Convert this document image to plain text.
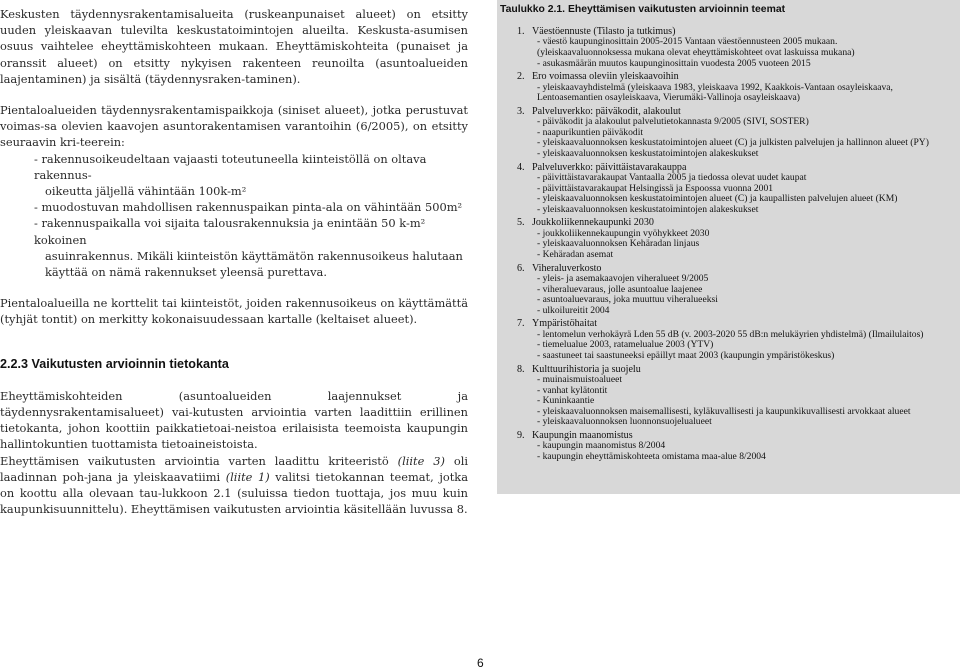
Keskusten täydennysrakentamisalueita (ruskeanpunaiset alueet) on etsitty uuden yleiskaavan tulevilta keskustatoimintojen alueilta. Keskusta-asumisen osuus vaihtelee eheyttämiskohteen mukaan. Eheyttämiskohteita (punaiset ja oranssit alueet) on etsitty nykyisen rakenteen reunoilta (asuntoalueiden laajentaminen) ja sisältä (täydennysraken-taminen).

Pientaloalueiden täydennysrakentamispaikkoja (siniset alueet), jotka perustuvat voimas-sa olevien kaavojen asuntorakentamisen varantoihin (6/2005), on etsitty seuraavin kri-teerein:

- rakennusoikeudeltaan vajaasti toteutuneella kiinteistöllä on oltava rakennus-
oikeutta jäljellä vähintään 100k-m²
- muodostuvan mahdollisen rakennuspaikan pinta-ala on vähintään 500m²
- rakennuspaikalla voi sijaita talousrakennuksia ja enintään 50 k-m² kokoinen
asuinrakennus. Mikäli kiinteistön käyttämätön rakennusoikeus halutaan
käyttää on nämä rakennukset yleensä purettava.

Pientaloalueilla ne korttelit tai kiinteistöt, joiden rakennusoikeus on käyttämättä (tyhjät tontit) on merkitty kokonaisuudessaan kartalle (keltaiset alueet).

2.2.3 Vaikutusten arvioinnin tietokanta

Eheyttämiskohteiden (asuntoalueiden laajennukset ja täydennysrakentamisalueet) vai-kutusten arviointia varten laadittiin erillinen tietokanta, johon koottiin paikkatietoai-neistoa erilaisista teemoista kaupungin hallintokuntien tuottamista tietoaineistoista.

Eheyttämisen vaikutusten arviointia varten laadittu kriteeristö (liite 3) oli laadinnan poh-jana ja yleiskaavatiimi (liite 1) valitsi tietokannan teemat, jotka on koottu alla olevaan tau-lukkoon 2.1 (suluissa tiedon tuottaja, jos muu kuin kaupunkisuunnittelu). Eheyttämisen vaikutusten arviointia käsitellään luvussa 8.

Taulukko 2.1. Eheyttämisen vaikutusten arvioinnin teemat
1. Väestöennuste (Tilasto ja tutkimus)
- väestö kaupunginosittain 2005-2015 Vantaan väestöennusteen 2005 mukaan.
(yleiskaavaluonnoksessa mukana olevat eheyttämiskohteet ovat laskuissa mukana)
- asukasmäärän muutos kaupunginosittain vuodesta 2005 vuoteen 2015
2. Ero voimassa oleviin yleiskaavoihin
- yleiskaavayhdistelmä (yleiskaava 1983, yleiskaava 1992, Kaakkois-Vantaan osayleiskaava,
Lentoasemantien osayleiskaava, Vierumäki-Vallinoja osayleiskaava)
3. Palveluverkko: päiväkodit, alakoulut
- päiväkodit ja alakoulut palvelutietokannasta 9/2005 (SIVI, SOSTER)
- naapurikuntien päiväkodit
- yleiskaavaluonnoksen keskustatoimintojen alueet (C) ja julkisten palvelujen ja hallinnon alueet (PY)
- yleiskaavaluonnoksen keskustatoimintojen alakeskukset
4. Palveluverkko: päivittäistavarakauppa
- päivittäistavarakaupat Vantaalla 2005 ja tiedossa olevat uudet kaupat
- päivittäistavarakaupat Helsingissä ja Espoossa vuonna 2001
- yleiskaavaluonnoksen keskustatoimintojen alueet (C) ja kaupallisten palvelujen alueet (KM)
- yleiskaavaluonnoksen keskustatoimintojen alakeskukset
5. Joukkoliikennekaupunki 2030
- joukkoliikennekaupungin vyöhykkeet 2030
- yleiskaavaluonnoksen Kehäradan linjaus
- Kehäradan asemat
6. Viheraluverkosto
- yleis- ja asemakaavojen viheralueet 9/2005
- viheraluevaraus, jolle asuntoalue laajenee
- asuntoaluevaraus, joka muuttuu viheralueeksi
- ulkoilureitit 2004
7. Ympäristöhaitat
- lentomelun verhokäyrä Lden 55 dB (v. 2003-2020 55 dB:n melukäyrien yhdistelmä) (Ilmailulaitos)
- tiemelualue 2003, ratamelualue 2003 (YTV)
- saastuneet tai saastuneeksi epäillyt maat 2003 (kaupungin ympäristökeskus)
8. Kulttuurihistoria ja suojelu
- muinaismuistoalueet
- vanhat kylätontit
- Kuninkaantie
- yleiskaavaluonnoksen maisemallisesti, kyläkuvallisesti ja kaupunkikuvallisesti arvokkaat alueet
- yleiskaavaluonnoksen luonnonsuojelualueet
9. Kaupungin maanomistus
- kaupungin maanomistus 8/2004
- kaupungin eheyttämiskohteeta omistama maa-alue 8/2004
6
